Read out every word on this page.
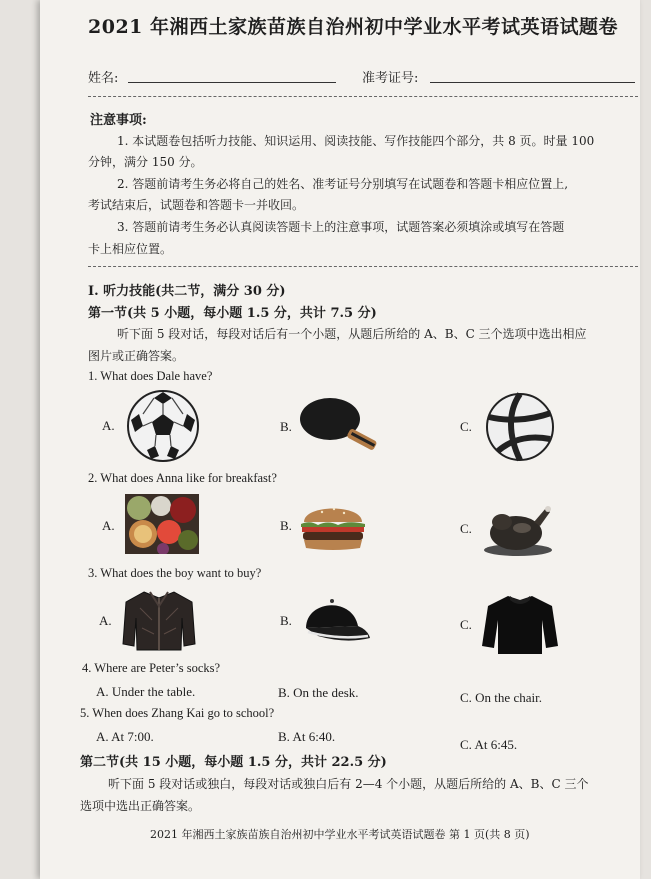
2021 年湘西土家族苗族自治州初中学业水平考试英语试题卷
姓名:	准考证号:
注意事项:
1. 本试题卷包括听力技能、知识运用、阅读技能、写作技能四个部分，共 8 页。时量 100
分钟，满分 150 分。
2. 答题前请考生务必将自己的姓名、准考证号分别填写在试题卷和答题卡相应位置上,
考试结束后，试题卷和答题卡一并收回。
3. 答题前请考生务必认真阅读答题卡上的注意事项，试题答案必须填涂或填写在答题
卡上相应位置。
Ⅰ. 听力技能(共二节，满分 30 分)
第一节(共 5 小题，每小题 1.5 分，共计 7.5 分)
听下面 5 段对话，每段对话后有一个小题，从题后所给的 A、B、C 三个选项中选出相应
图片或正确答案。
1. What does Dale have?
A.	B.	C.
2. What does Anna like for breakfast?
A.	B.	C.
3. What does the boy want to buy?
A.	B.	C.
4. Where are Peter’s socks?
A. Under the table.	B. On the desk.	C. On the chair.
5. When does Zhang Kai go to school?
A. At 7:00.	B. At 6:40.
C. At 6:45.
第二节(共 15 小题，每小题 1.5 分，共计 22.5 分)
听下面 5 段对话或独白，每段对话或独白后有 2—4 个小题，从题后所给的 A、B、C 三个
选项中选出正确答案。
2021 年湘西土家族苗族自治州初中学业水平考试英语试题卷 第 1 页(共 8 页)
